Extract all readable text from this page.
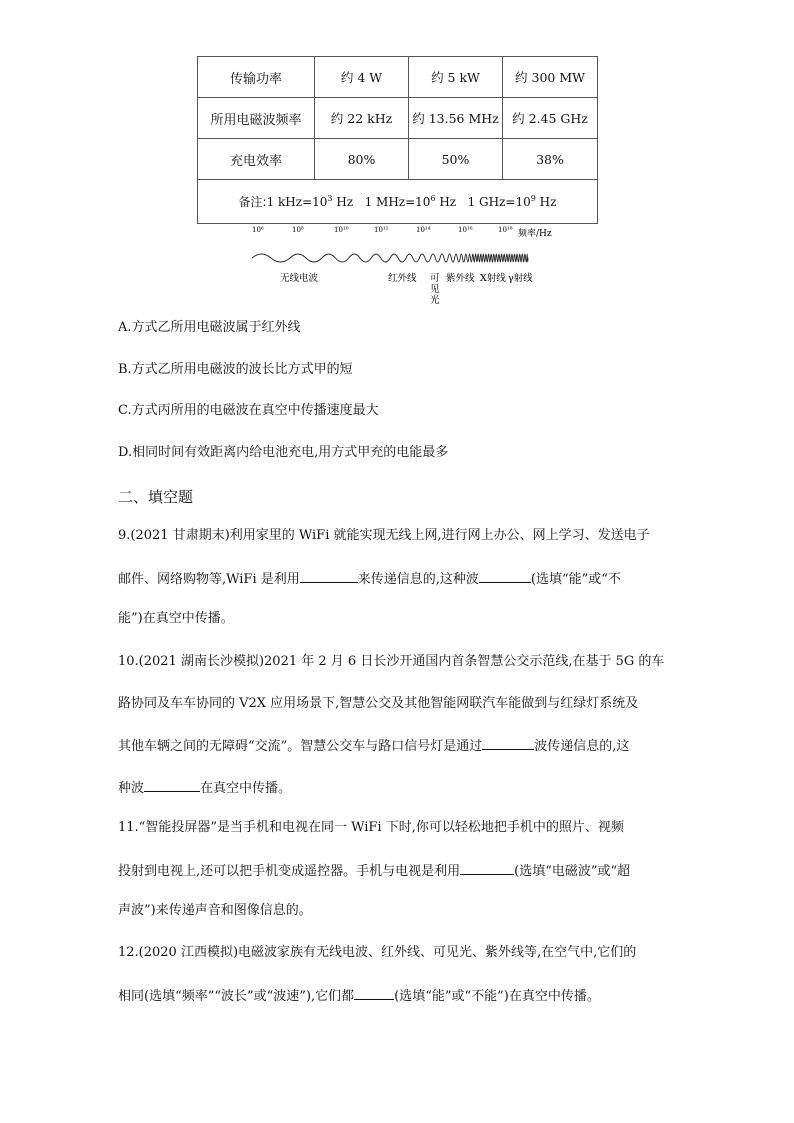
传输功率	约 4 W	约 5 kW	约 300 MW
所用电磁波频率	约 22 kHz	约 13.56 MHz	约 2.45 GHz
充电效率	80%	50%	38%
备注:1 $kHz=10^3$ Hz 1 $MHz=10^6$ Hz 1 $GHz=10^9$ Hz			
10⁶	10⁸	10¹⁰	10¹²	10¹⁴	10¹⁶	10¹⁸ 频率/Hz
无线电波	红外线	紫外线 X射线 γ射线
可
见
光
A.方式乙所用电磁波属于红外线
B.方式乙所用电磁波的波长比方式甲的短
C.方式丙所用的电磁波在真空中传播速度最大
D.相同时间有效距离内给电池充电,用方式甲充的电能最多
二、填空题
9.(2021 甘肃期末)利用家里的 WiFi 就能实现无线上网,进行网上办公、网上学习、发送电子
邮件、网络购物等,WiFi 是利用	来传递信息的,这种波	(选填“能”或“不
能”)在真空中传播。
10.(2021 湖南长沙模拟)2021 年 2 月 6 日长沙开通国内首条智慧公交示范线,在基于 5G 的车
路协同及车车协同的 V2X 应用场景下,智慧公交及其他智能网联汽车能做到与红绿灯系统及
其他车辆之间的无障碍“交流”。智慧公交车与路口信号灯是通过	波传递信息的,这
种波	在真空中传播。
11.“智能投屏器”是当手机和电视在同一 WiFi 下时,你可以轻松地把手机中的照片、视频
投射到电视上,还可以把手机变成遥控器。手机与电视是利用	(选填“电磁波”或“超
声波”)来传递声音和图像信息的。
12.(2020 江西模拟)电磁波家族有无线电波、红外线、可见光、紫外线等,在空气中,它们的
相同(选填“频率”“波长”或“波速”),它们都	(选填“能”或“不能”)在真空中传播。
